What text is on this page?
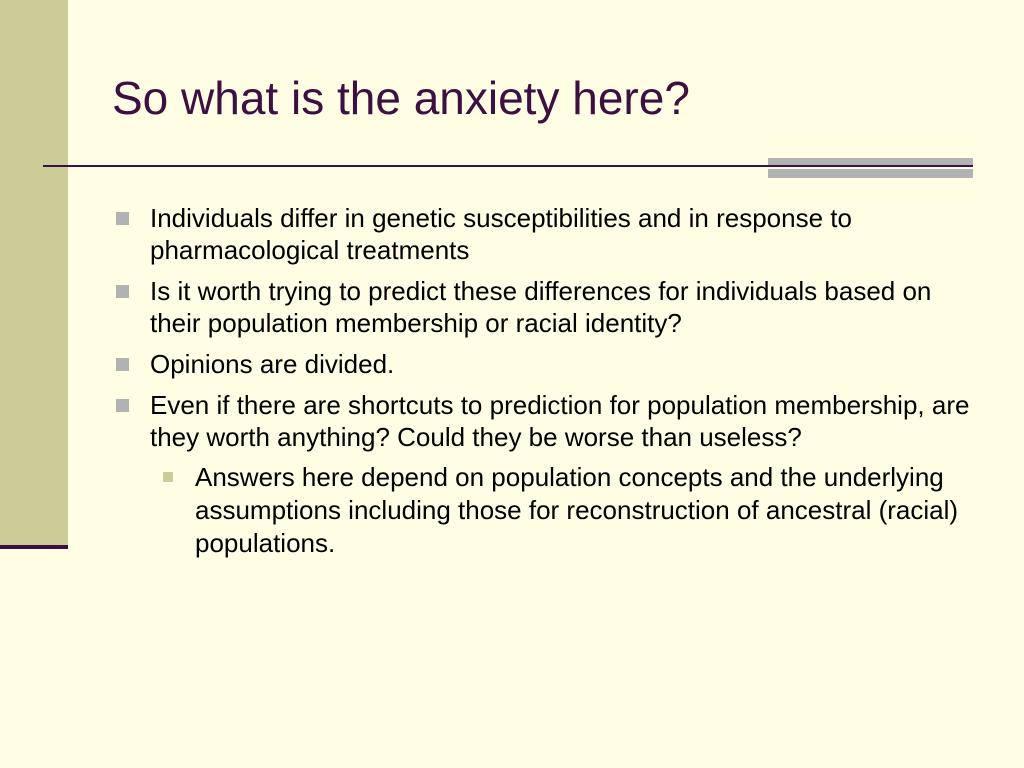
So what is the anxiety here?
Individuals differ in genetic susceptibilities and in response to pharmacological treatments
Is it worth trying to predict these differences for individuals based on their population membership or racial identity?
Opinions are divided.
Even if there are shortcuts to prediction for population membership, are they worth anything? Could they be worse than useless?
Answers here depend on population concepts and the underlying assumptions including those for reconstruction of ancestral (racial) populations.
